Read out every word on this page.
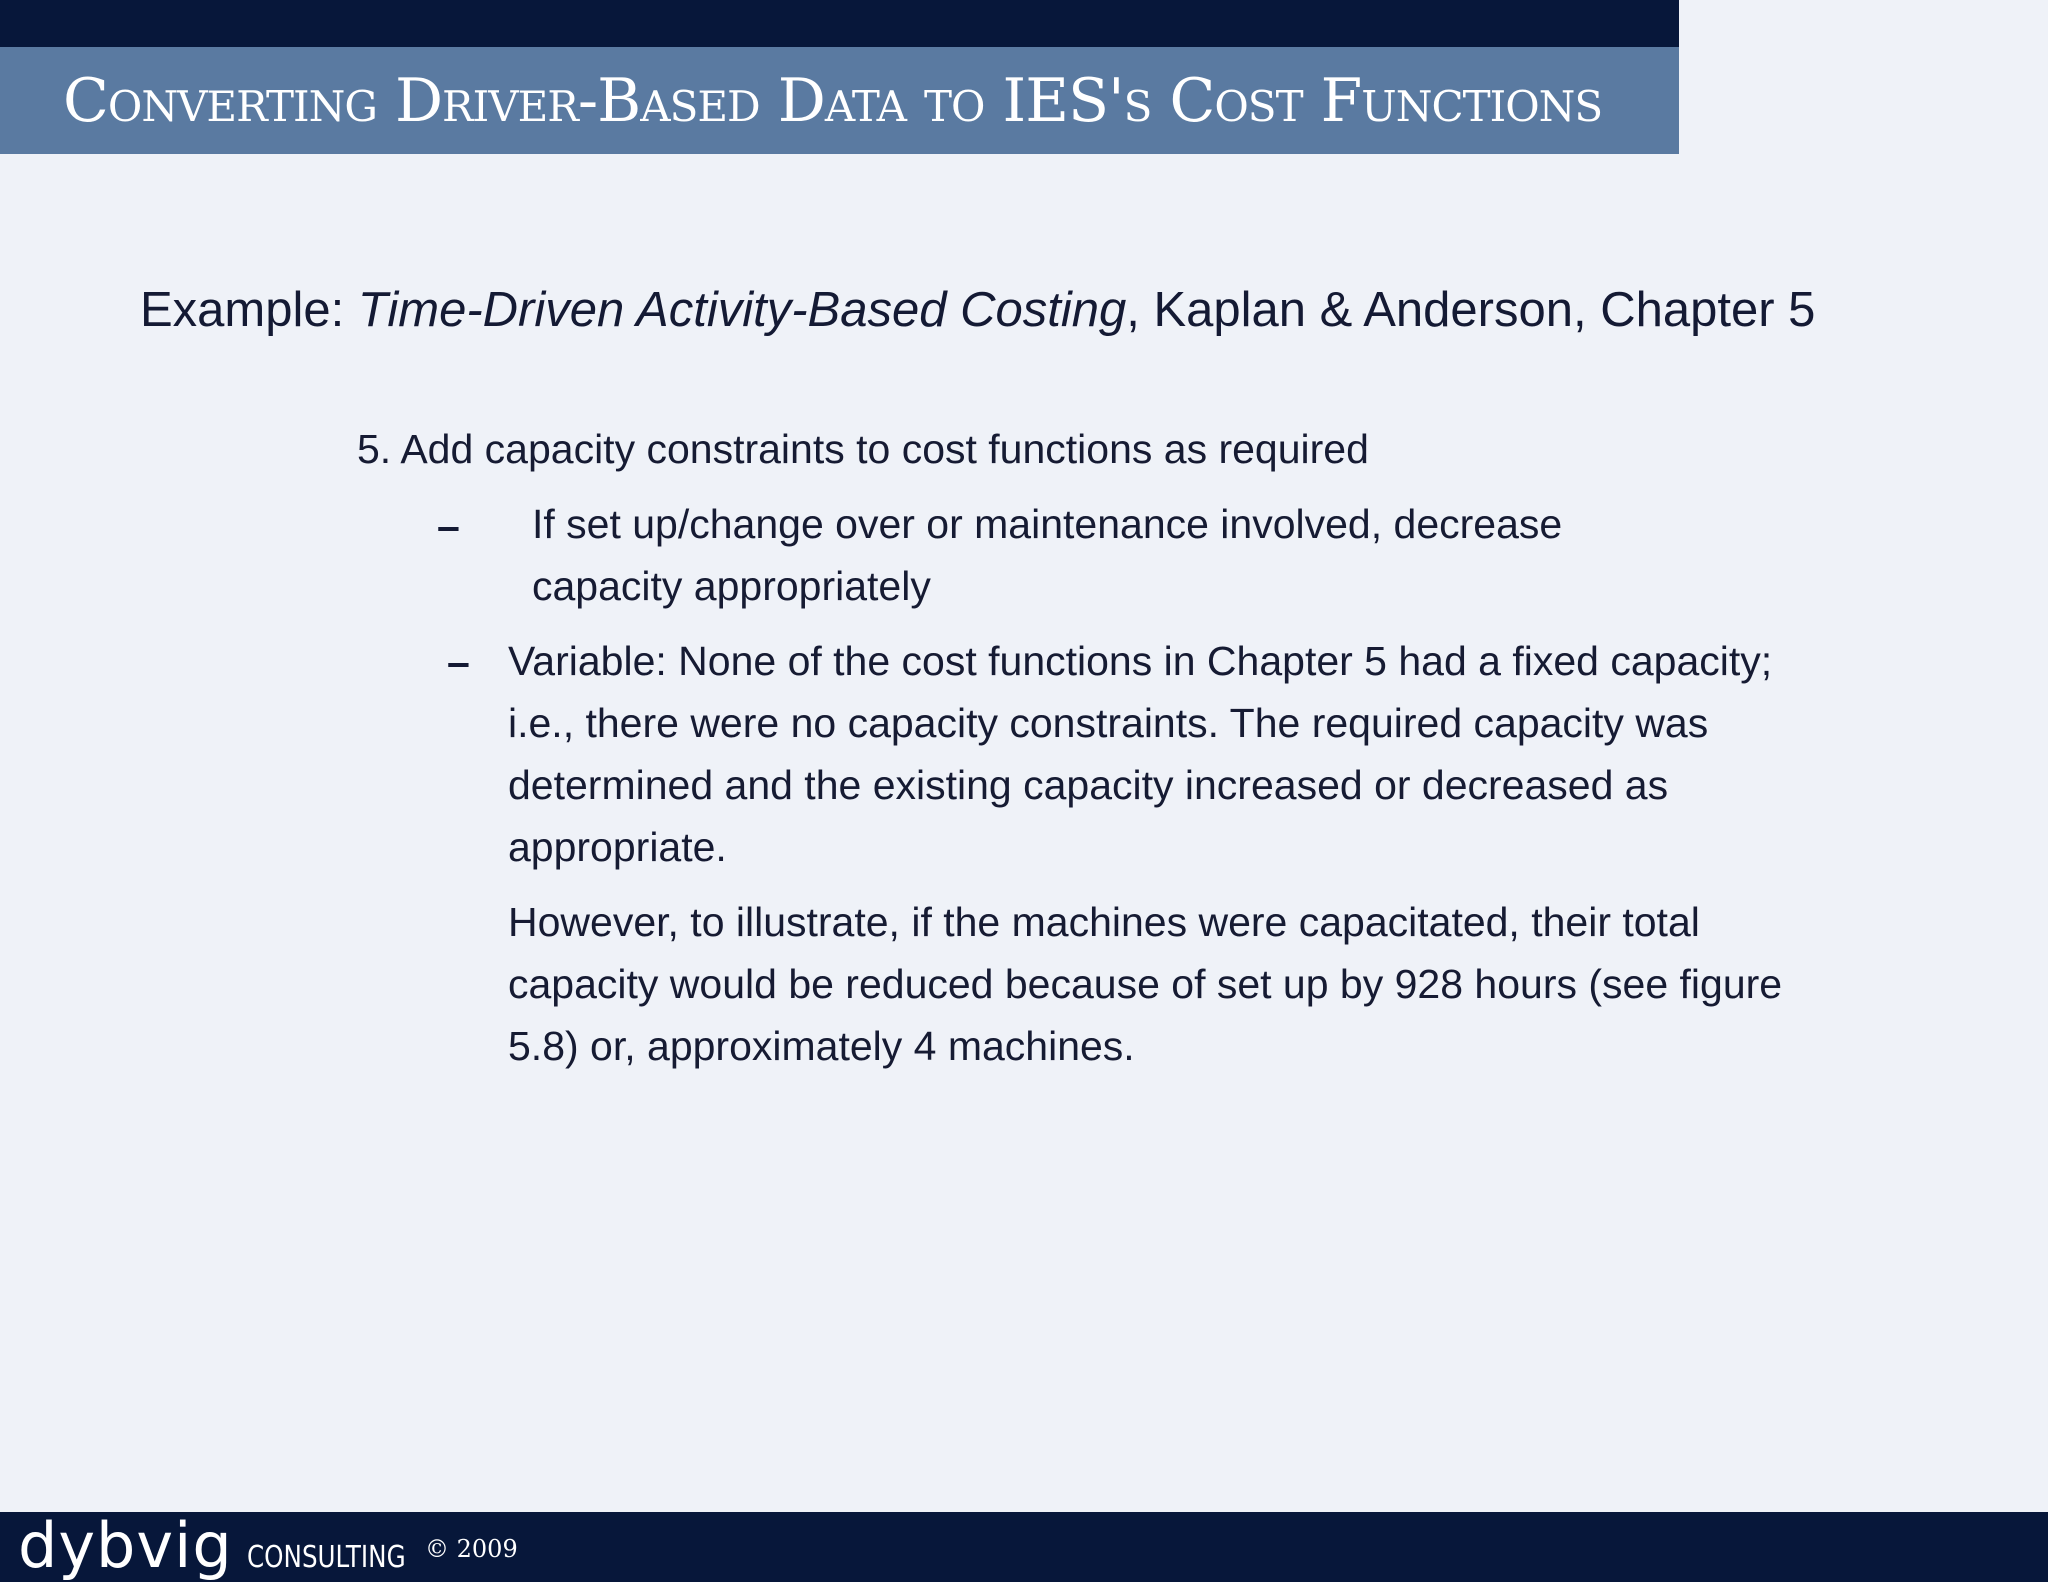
Converting Driver-Based Data to IES's Cost Functions

Example: Time-Driven Activity-Based Costing, Kaplan & Anderson, Chapter 5

5. Add capacity constraints to cost functions as required

– If set up/change over or maintenance involved, decrease capacity appropriately

– Variable: None of the cost functions in Chapter 5 had a fixed capacity; i.e., there were no capacity constraints. The required capacity was determined and the existing capacity increased or decreased as appropriate.

However, to illustrate, if the machines were capacitated, their total capacity would be reduced because of set up by 928 hours (see figure 5.8) or, approximately 4 machines.

dybvig CONSULTING © 2009
